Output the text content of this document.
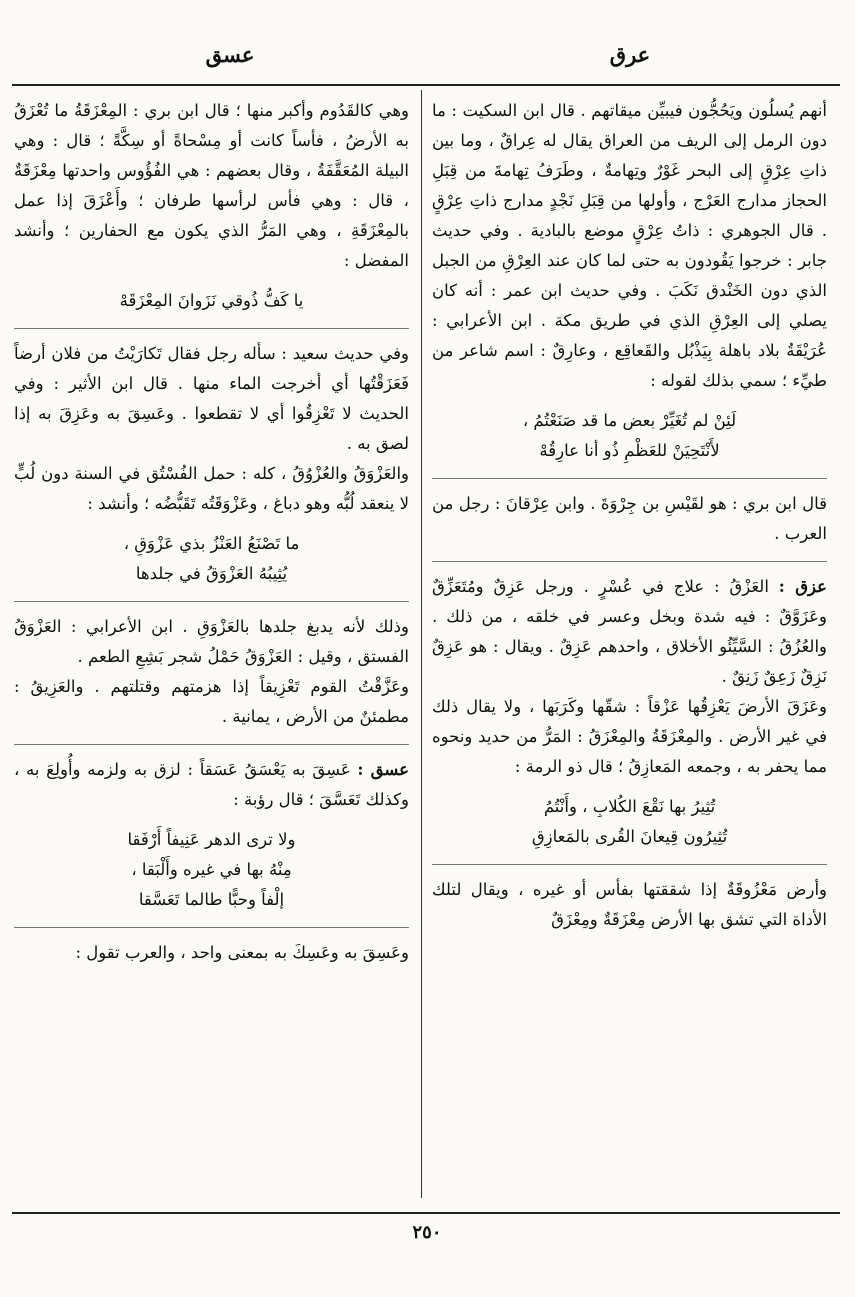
عرق
عسق

أنهم يُسلُون ويَحُجُّون فيبيِّن ميقاتهم . قال ابن السكيت : ما دون الرمل إلى الريف من العراق يقال له عِراقٌ ، وما بين ذاتِ عِرْقٍ إلى البحر غَوْرٌ وتِهامةٌ ، وطَرَفُ تِهامةَ من قِبَلِ الحجاز مدارج العَرْج ، وأولها من قِبَلِ نَجْدٍ مدارج ذاتِ عِرْقٍ . قال الجوهري : ذاتُ عِرْقٍ موضع بالبادية . وفي حديث جابر : خرجوا يَقُودون به حتى لما كان عند العِرْقِ من الجبل الذي دون الخَنْدق نَكَبَ . وفي حديث ابن عمر : أنه كان يصلي إلى العِرْقِ الذي في طريق مكة . ابن الأعرابي : عُرَيْقَةُ بلاد باهلة بِيَذْبُل والقَعاقِع ، وعارِقٌ : اسم شاعر من طيِّء ؛ سمي بذلك لقوله :

لَئِنْ لم تُغَيِّرْ بعض ما قد صَنَعْتُمُ ،
لأَنْتَحِيَنْ للعَظْمِ ذُو أنا عارِقُهْ

قال ابن بري : هو لقَيْسِ بن جِرْوَةَ . وابن عِرْقانَ : رجل من العرب .

عزق : العَزْقُ : علاج في عُسْرٍ . ورجل عَزِقٌ ومُتَعَزِّقٌ وعَزَوَّقٌ : فيه شدة وبخل وعسر في خلقه ، من ذلك . والعُزُقُ : السَّيِّئُو الأخلاق ، واحدهم عَزِقٌ . ويقال : هو عَزِقٌ نَزِقٌ زَعِقٌ زَنِقٌ .

وعَزَقَ الأرضَ يَعْزِقُها عَزْقاً : شقّها وكَرَبَها ، ولا يقال ذلك في غير الأرض . والمِعْزَقَةُ والمِعْزَقُ : المَرُّ من حديد ونحوه مما يحفر به ، وجمعه المَعازِقُ ؛ قال ذو الرمة :

تُثِيرُ بها نَقْعَ الكُلابِ ، وأَنْتُمُ
تُثِيرُون قِيعانَ القُرى بالمَعازِقِ

وأرض مَعْزُوقَةٌ إذا شققتها بفأس أو غيره ، ويقال لتلك الأداة التي تشق بها الأرض مِعْزَقَةٌ ومِعْزَقٌ

وهي كالقَدُوم وأكبر منها ؛ قال ابن بري : المِعْزَقَةُ ما تُعْزَقُ به الأرضُ ، فأساً كانت أو مِسْحاةً أو سِكَّةً ؛ قال : وهي البيلة المُعَقَّفَةُ ، وقال بعضهم : هي الفُؤُوس واحدتها مِعْزَقَةٌ ، قال : وهي فأس لرأسها طرفان ؛ وأَعْزَقَ إذا عمل بالمِعْزَقَةِ ، وهي المَرُّ الذي يكون مع الحفارين ؛ وأنشد المفضل :

يا كَفُّ ذُوقي نَزَوانَ المِعْزَقَهْ

وفي حديث سعيد : سأله رجل فقال تَكارَيْتُ من فلان أرضاً فَعَزَقْتُها أي أخرجت الماء منها . قال ابن الأثير : وفي الحديث لا تَعْزِقُوا أي لا تقطعوا . وعَسِقَ به وعَزِقَ به إذا لصق به .

والعَزْوَقُ والعُزْوُقُ ، كله : حمل الفُسْتُق في السنة دون لُبٍّ لا ينعقد لُبُّه وهو دباغ ، وعَزْوَقَتُه تَقَبُّضُه ؛ وأنشد :

ما تَصْنَعُ العَنْزُ بذي عَزْوَقِ ،
يُثِيبُهُ العَزْوَقُ في جلدها

وذلك لأنه يدبغ جلدها بالعَزْوَقِ . ابن الأعرابي : العَزْوَقُ الفستق ، وقيل : العَزْوَقُ حَمْلُ شجر بَشِعِ الطعم .

وعَزَّقْتُ القوم تَعْزِيقاً إذا هزمتهم وقتلتهم . والعَزِيقُ : مطمئنٌ من الأرض ، يمانية .

عسق : عَسِقَ به يَعْسَقُ عَسَقاً : لزق به ولزمه وأُولِعَ به ، وكذلك تَعَسَّقَ ؛ قال رؤبة :

ولا ترى الدهر عَنِيفاً أَرْفَقا
مِنْهُ بها في غيره وأَلْبَقا ،
إلْفاً وحبًّا طالما تَعَسَّقا

وعَسِقَ به وعَسِكَ به بمعنى واحد ، والعرب تقول :

٢٥٠
